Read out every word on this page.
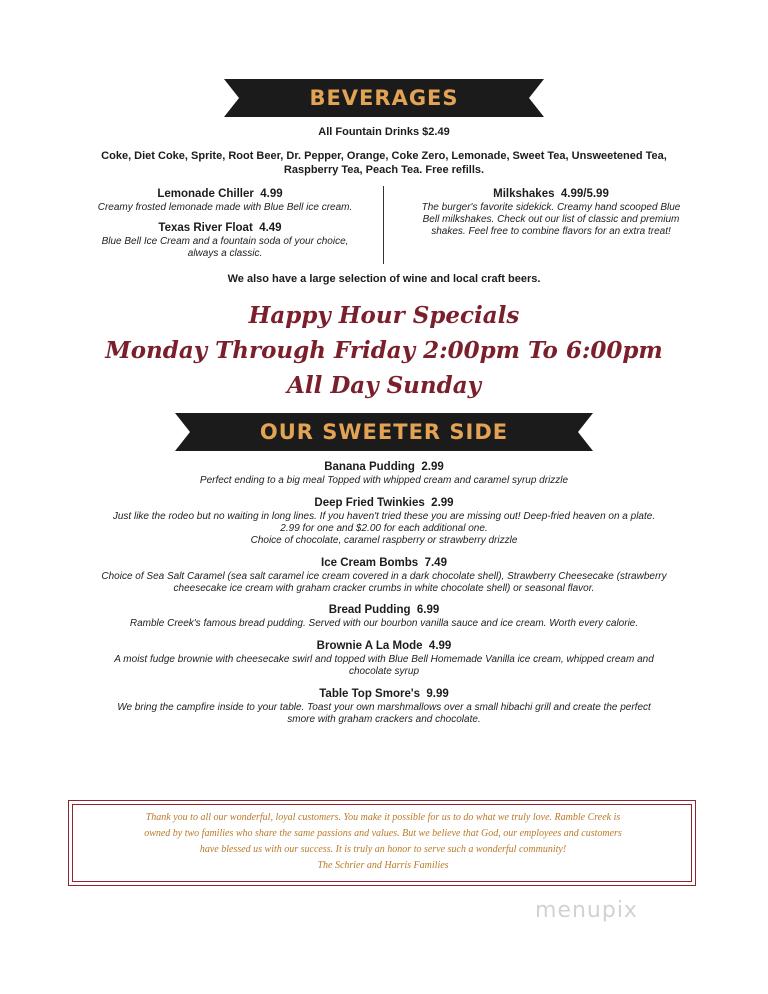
BEVERAGES
All Fountain Drinks $2.49
Coke, Diet Coke, Sprite, Root Beer, Dr. Pepper, Orange, Coke Zero, Lemonade, Sweet Tea, Unsweetened Tea,
Raspberry Tea, Peach Tea. Free refills.
Lemonade Chiller 4.99
Creamy frosted lemonade made with Blue Bell ice cream.
Texas River Float 4.49
Blue Bell Ice Cream and a fountain soda of your choice,
always a classic.
Milkshakes 4.99/5.99
The burger's favorite sidekick. Creamy hand scooped Blue
Bell milkshakes. Check out our list of classic and premium
shakes. Feel free to combine flavors for an extra treat!
We also have a large selection of wine and local craft beers.
Happy Hour Specials
Monday Through Friday 2:00pm To 6:00pm
All Day Sunday
OUR SWEETER SIDE
Banana Pudding 2.99
Perfect ending to a big meal Topped with whipped cream and caramel syrup drizzle
Deep Fried Twinkies 2.99
Just like the rodeo but no waiting in long lines. If you haven't tried these you are missing out! Deep-fried heaven on a plate.
2.99 for one and $2.00 for each additional one.
Choice of chocolate, caramel raspberry or strawberry drizzle
Ice Cream Bombs 7.49
Choice of Sea Salt Caramel (sea salt caramel ice cream covered in a dark chocolate shell), Strawberry Cheesecake (strawberry
cheesecake ice cream with graham cracker crumbs in white chocolate shell) or seasonal flavor.
Bread Pudding 6.99
Ramble Creek's famous bread pudding. Served with our bourbon vanilla sauce and ice cream. Worth every calorie.
Brownie A La Mode 4.99
A moist fudge brownie with cheesecake swirl and topped with Blue Bell Homemade Vanilla ice cream, whipped cream and
chocolate syrup
Table Top Smore's 9.99
We bring the campfire inside to your table. Toast your own marshmallows over a small hibachi grill and create the perfect
smore with graham crackers and chocolate.

Thank you to all our wonderful, loyal customers. You make it possible for us to do what we truly love. Ramble Creek is

owned by two families who share the same passions and values. But we believe that God, our employees and customers

have blessed us with our success. It is truly an honor to serve such a wonderful community!

The Schrier and Harris Families

menupix
